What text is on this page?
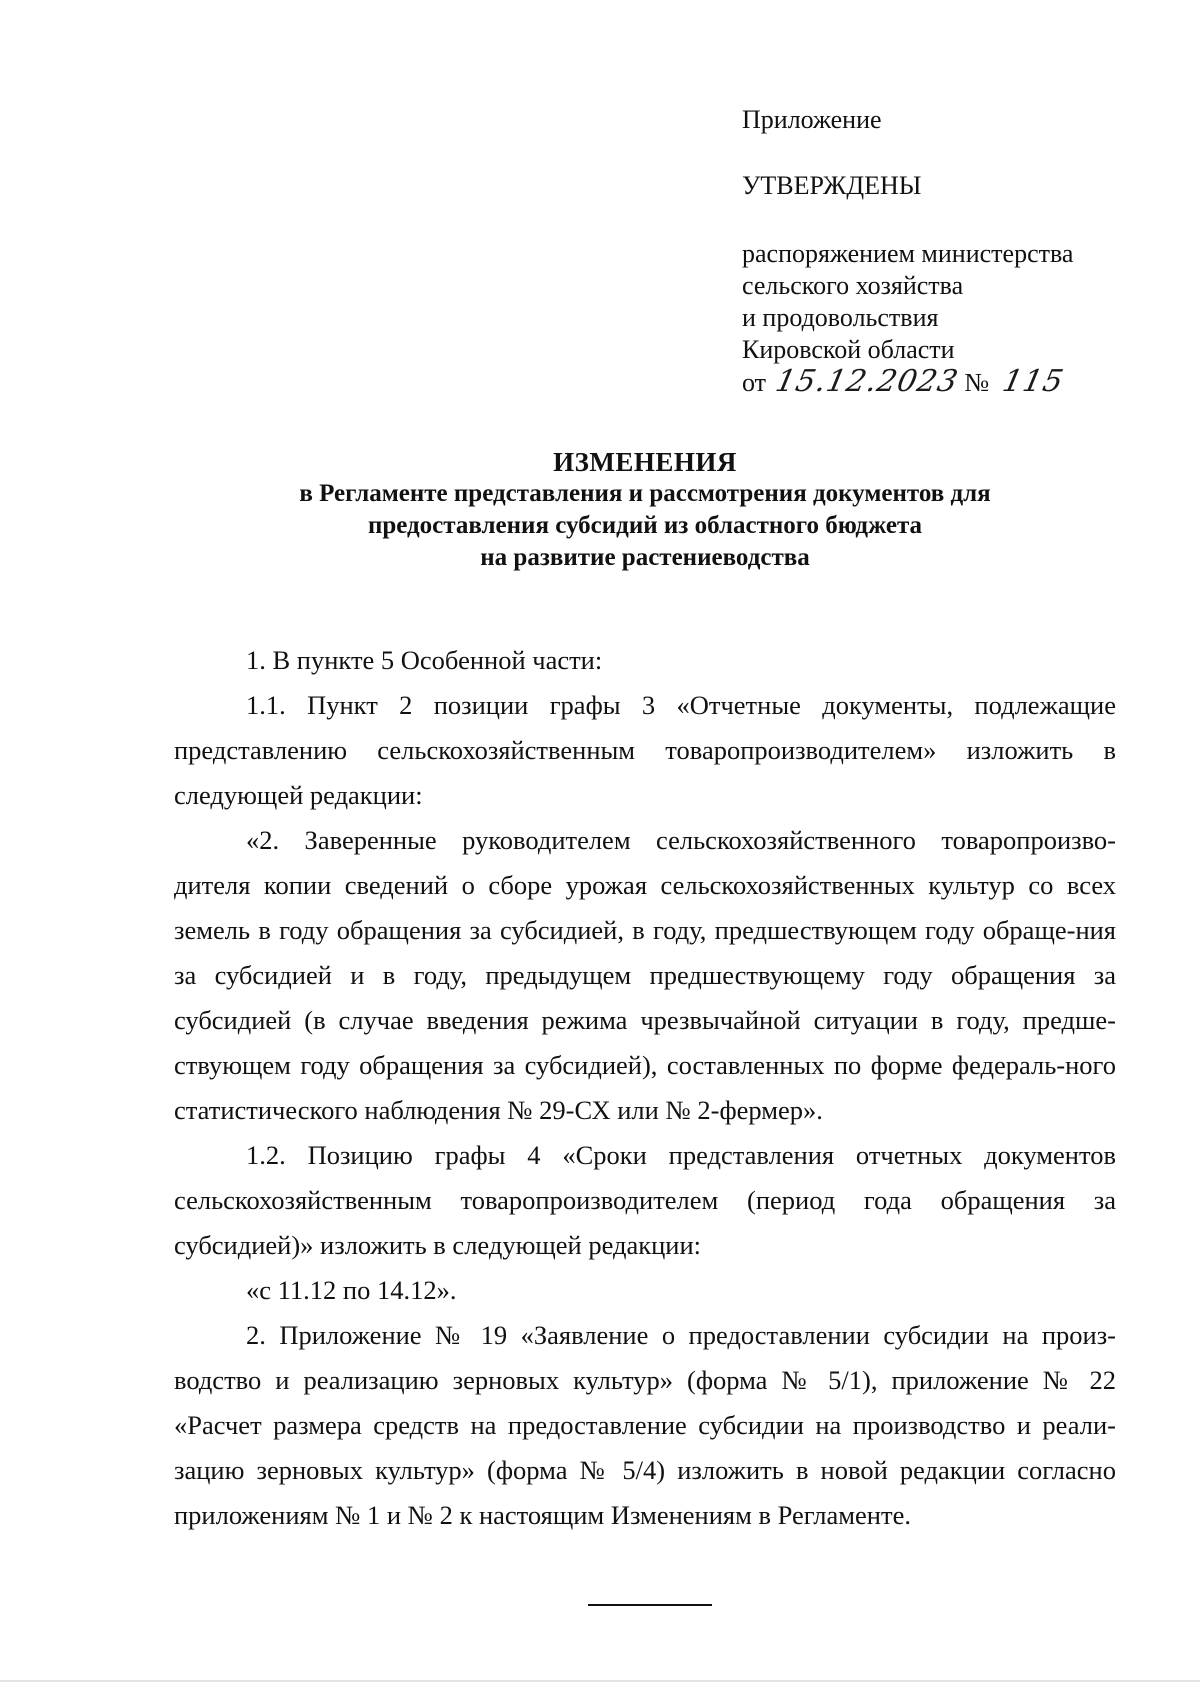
Приложение
УТВЕРЖДЕНЫ
распоряжением министерства
сельского хозяйства
и продовольствия
Кировской области
от 15.12.2023 № 115
ИЗМЕНЕНИЯ
в Регламенте представления и рассмотрения документов для
предоставления субсидий из областного бюджета
на развитие растениеводства

1. В пункте 5 Особенной части:

1.1. Пункт 2 позиции графы 3 «Отчетные документы, подлежащие представлению сельскохозяйственным товаропроизводителем» изложить в следующей редакции:

«2. Заверенные руководителем сельскохозяйственного товаропроизво-дителя копии сведений о сборе урожая сельскохозяйственных культур со всех земель в году обращения за субсидией, в году, предшествующем году обраще-ния за субсидией и в году, предыдущем предшествующему году обращения за субсидией (в случае введения режима чрезвычайной ситуации в году, предше-ствующем году обращения за субсидией), составленных по форме федераль-ного статистического наблюдения № 29-СХ или № 2-фермер».

1.2. Позицию графы 4 «Сроки представления отчетных документов сельскохозяйственным товаропроизводителем (период года обращения за субсидией)» изложить в следующей редакции:

«с 11.12 по 14.12».

2. Приложение № 19 «Заявление о предоставлении субсидии на произ-водство и реализацию зерновых культур» (форма № 5/1), приложение № 22 «Расчет размера средств на предоставление субсидии на производство и реали-зацию зерновых культур» (форма № 5/4) изложить в новой редакции согласно приложениям № 1 и № 2 к настоящим Изменениям в Регламенте.
